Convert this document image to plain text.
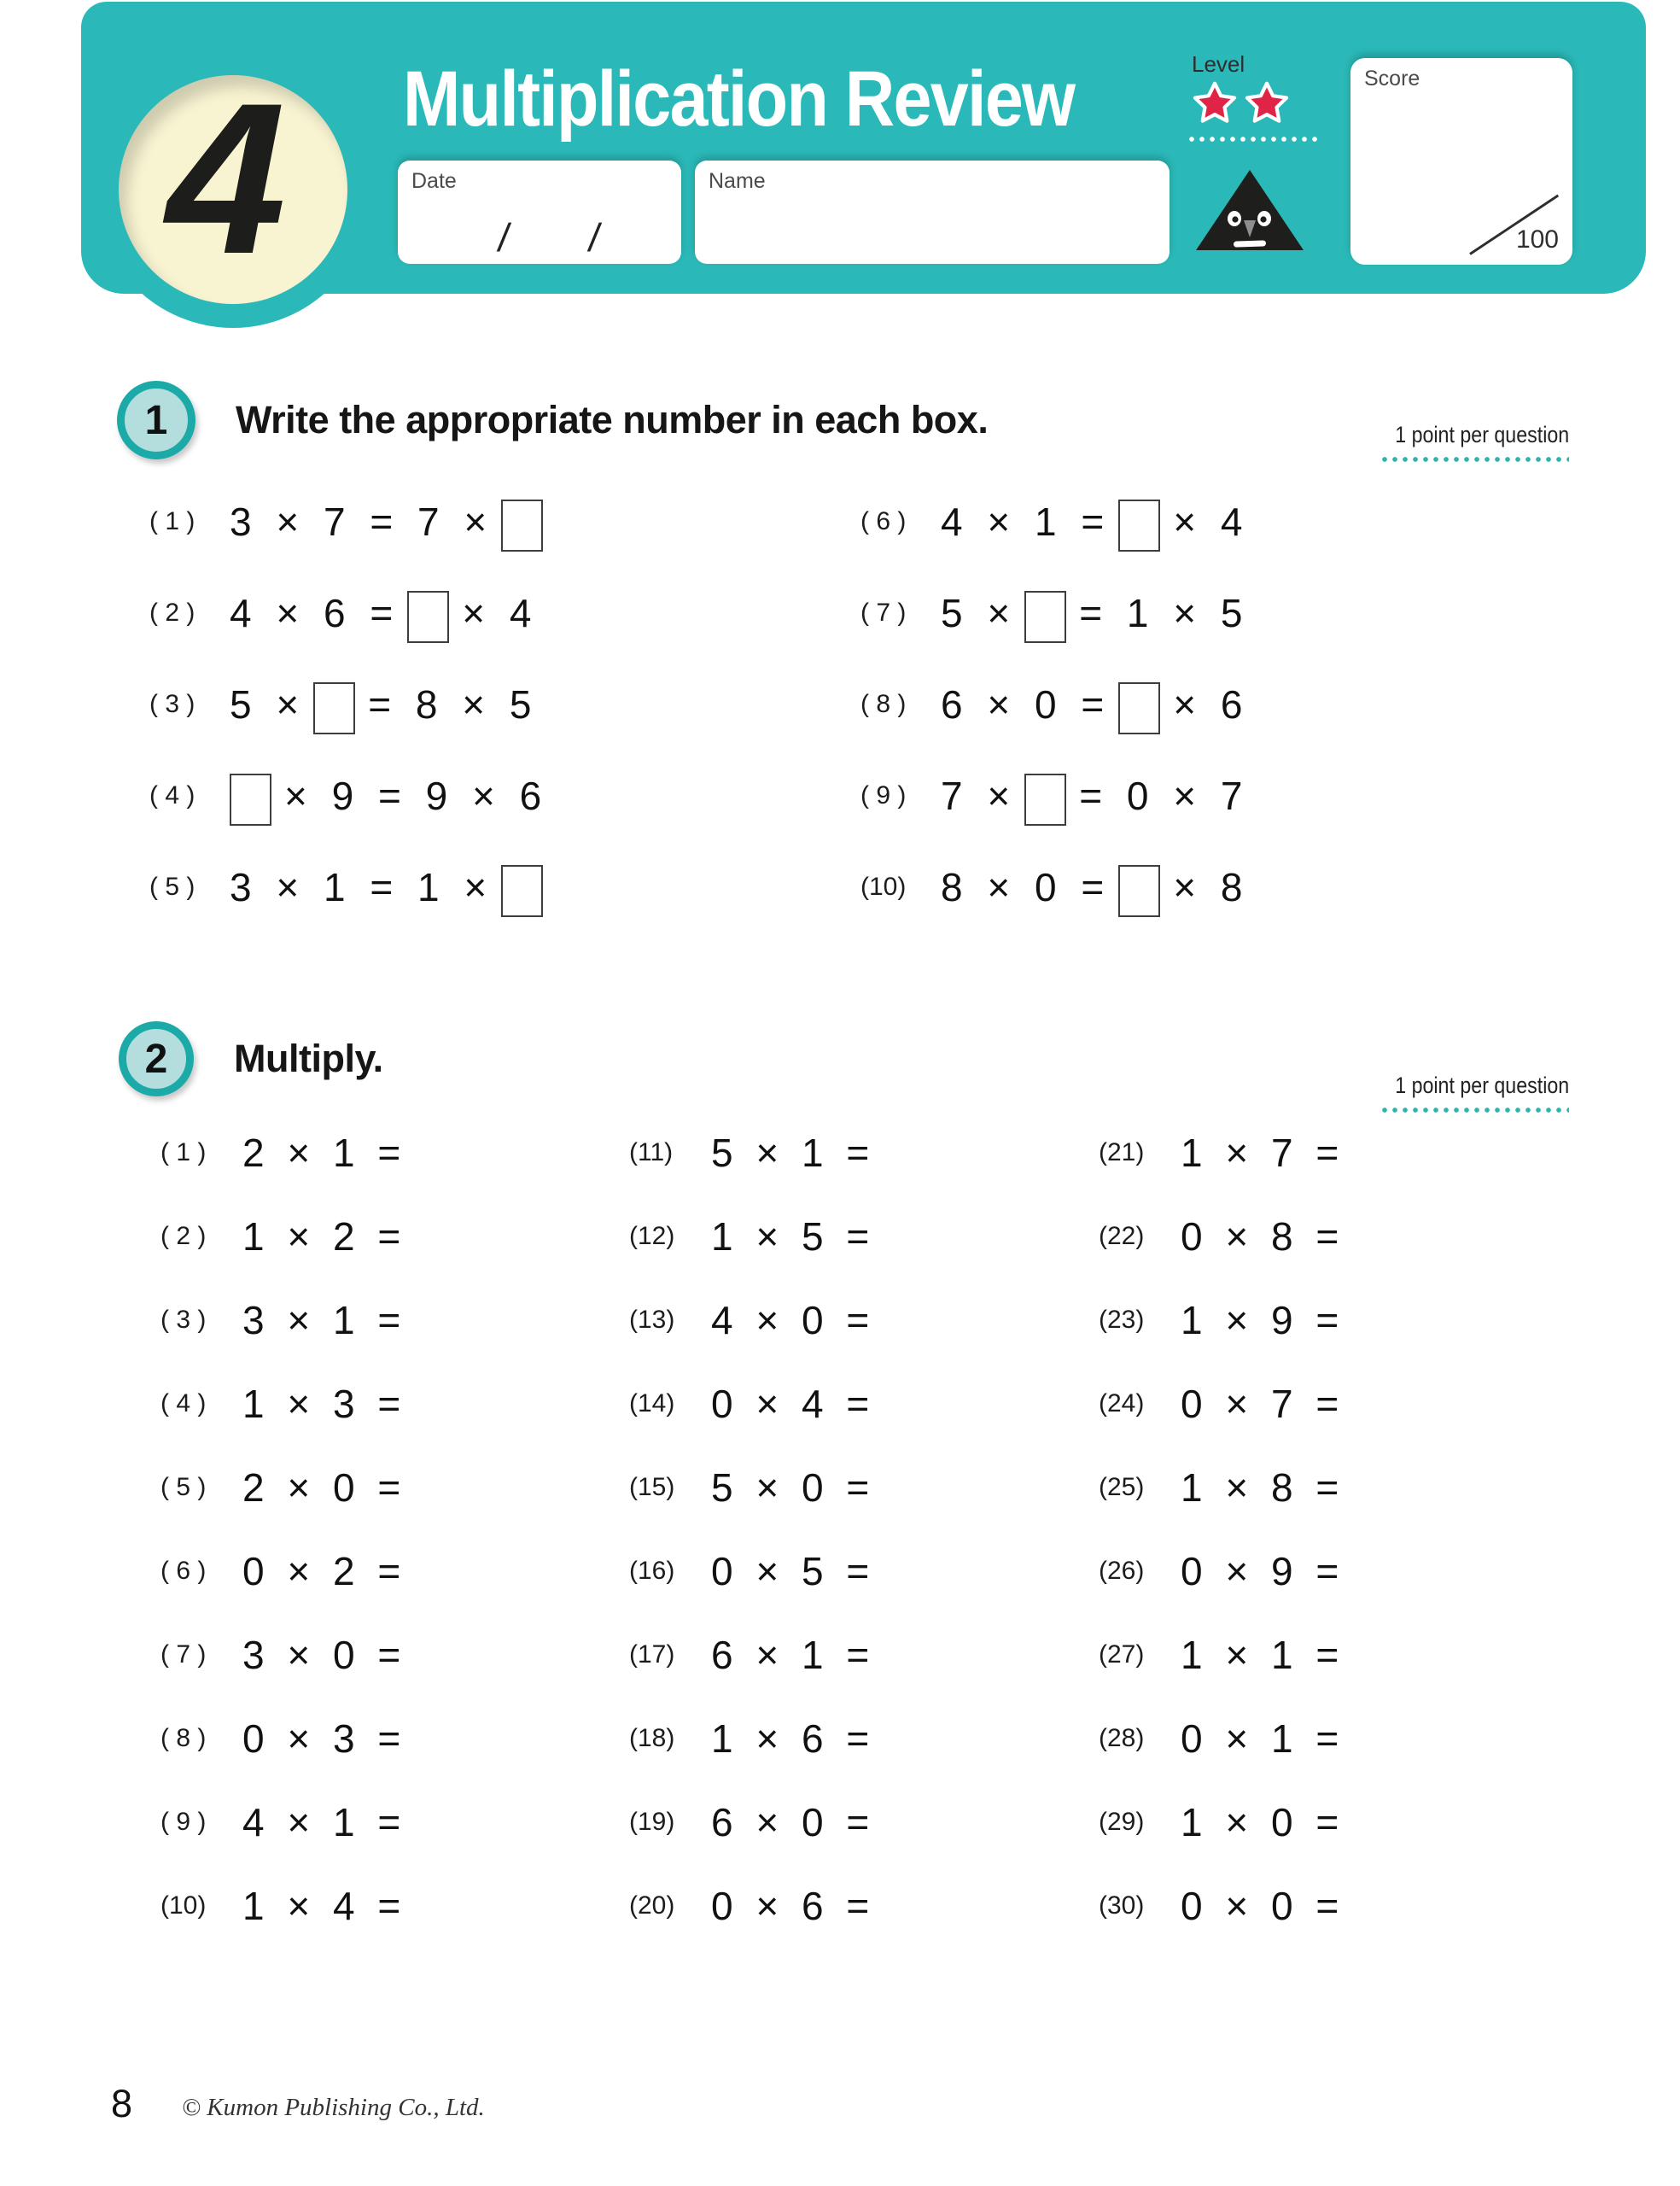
4 Multiplication Review	Level
Date
/ /
Name
Score
100
1 Write the appropriate number in each box.	1 point per question
( 1 ) 3 × 7 = 7 ×
( 2 ) 4 × 6 = × 4
( 3 ) 5 × = 8 × 5
( 4 )	× 9 = 9 × 6
( 5 ) 3 × 1 = 1 ×
( 6 ) 4 × 1 = × 4
( 7 ) 5 × = 1 × 5
( 8 ) 6 × 0 = × 6
( 9 ) 7 × = 0 × 7
(10) 8 × 0 = × 8
2 Multiply.
1 point per question
( 1 ) 2 × 1 =
( 2 ) 1 × 2 =
( 3 ) 3 × 1 =
( 4 ) 1 × 3 =
( 5 ) 2 × 0 =
( 6 ) 0 × 2 =
( 7 ) 3 × 0 =
( 8 ) 0 × 3 =
( 9 ) 4 × 1 =
(10) 1 × 4 =
(11) 5 × 1 =
(12) 1 × 5 =
(13) 4 × 0 =
(14) 0 × 4 =
(15) 5 × 0 =
(16) 0 × 5 =
(17) 6 × 1 =
(18) 1 × 6 =
(19) 6 × 0 =
(20) 0 × 6 =
(21) 1 × 7 =
(22) 0 × 8 =
(23) 1 × 9 =
(24) 0 × 7 =
(25) 1 × 8 =
(26) 0 × 9 =
(27) 1 × 1 =
(28) 0 × 1 =
(29) 1 × 0 =
(30) 0 × 0 =
8 © Kumon Publishing Co., Ltd.
